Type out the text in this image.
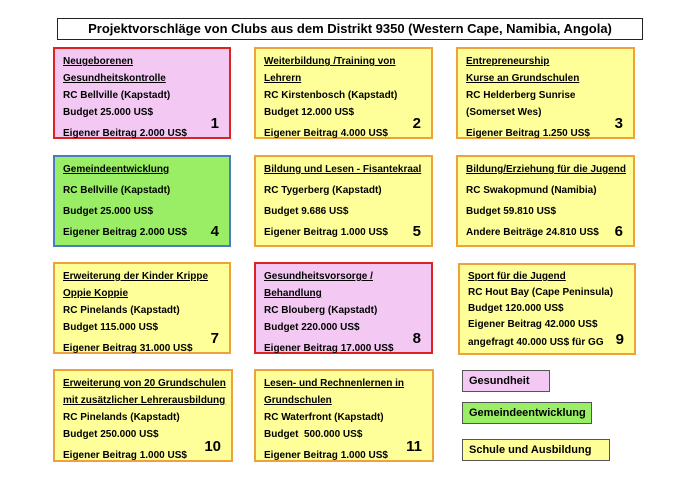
Projektvorschläge von Clubs aus dem Distrikt 9350 (Western Cape, Namibia, Angola)
Neugeborenen
Gesundheitskontrolle
RC Bellville (Kapstadt)
Budget 25.000 US$
Eigener Beitrag 2.000 US$
1
Weiterbildung /Training von
Lehrern
RC Kirstenbosch (Kapstadt)
Budget 12.000 US$
Eigener Beitrag 4.000 US$
2
Entrepreneurship
Kurse an Grundschulen
RC Helderberg Sunrise
(Somerset Wes)
Eigener Beitrag 1.250 US$
3
Gemeindeentwicklung
RC Bellville (Kapstadt)
Budget 25.000 US$
Eigener Beitrag 2.000 US$	4
Bildung und Lesen - Fisantekraal
RC Tygerberg (Kapstadt)
Budget 9.686 US$
Eigener Beitrag 1.000 US$	5
Bildung/Erziehung für die Jugend
RC Swakopmund (Namibia)
Budget 59.810 US$
Andere Beiträge 24.810 US$	6
Erweiterung der Kinder Krippe
Oppie Koppie
RC Pinelands (Kapstadt)
Budget 115.000 US$
Eigener Beitrag 31.000 US$
7
Gesundheitsvorsorge /
Behandlung
RC Blouberg (Kapstadt)
Budget 220.000 US$
Eigener Beitrag 17.000 US$
8
Sport für die Jugend
RC Hout Bay (Cape Peninsula)
Budget 120.000 US$
Eigener Beitrag 42.000 US$
angefragt 40.000 US$ für GG 9
Erweiterung von 20 Grundschulen
mit zusätzlicher Lehrerausbildung
RC Pinelands (Kapstadt)
Budget 250.000 US$
Eigener Beitrag 1.000 US$
10
Lesen- und Rechnenlernen in
Grundschulen
RC Waterfront (Kapstadt)
Budget  500.000 US$
Eigener Beitrag 1.000 US$
11
Gesundheit
Gemeindeentwicklung
Schule und Ausbildung
